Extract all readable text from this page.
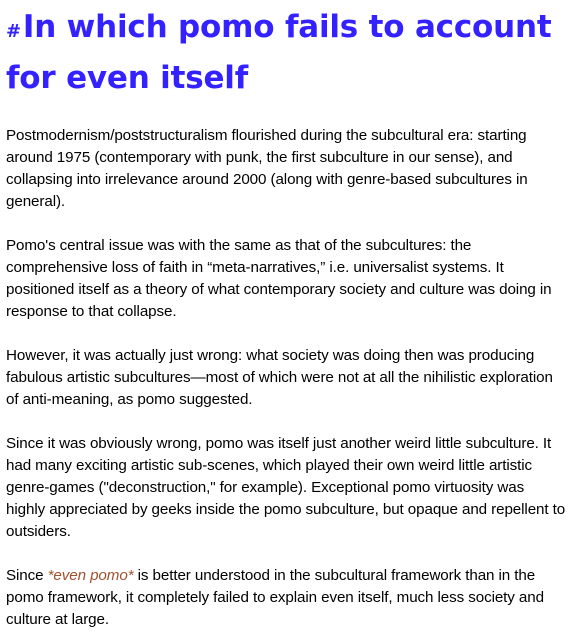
#In which pomo fails to account for even itself

Postmodernism/poststructuralism flourished during the subcultural era: starting around 1975 (contemporary with punk, the first subculture in our sense), and collapsing into irrelevance around 2000 (along with genre-based subcultures in general).

Pomo's central issue was with the same as that of the subcultures: the comprehensive loss of faith in “meta-narratives,” i.e. universalist systems. It positioned itself as a theory of what contemporary society and culture was doing in response to that collapse.

However, it was actually just wrong: what society was doing then was producing fabulous artistic subcultures—most of which were not at all the nihilistic exploration of anti-meaning, as pomo suggested.

Since it was obviously wrong, pomo was itself just another weird little subculture. It had many exciting artistic sub-scenes, which played their own weird little artistic genre-games ("deconstruction," for example). Exceptional pomo virtuosity was highly appreciated by geeks inside the pomo subculture, but opaque and repellent to outsiders.

Since *even pomo* is better understood in the subcultural framework than in the pomo framework, it completely failed to explain even itself, much less society and culture at large.
